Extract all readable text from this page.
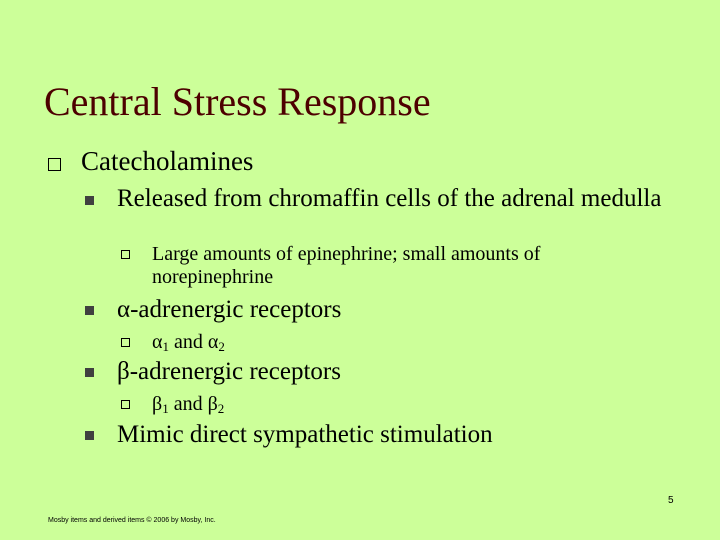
Central Stress Response
Catecholamines
Released from chromaffin cells of the adrenal medulla
Large amounts of epinephrine; small amounts of norepinephrine
α-adrenergic receptors
$\alpha_1$ and $\alpha_2$
β-adrenergic receptors
$\beta_1$ and $\beta_2$
Mimic direct sympathetic stimulation
5
Mosby items and derived items © 2006 by Mosby, Inc.
